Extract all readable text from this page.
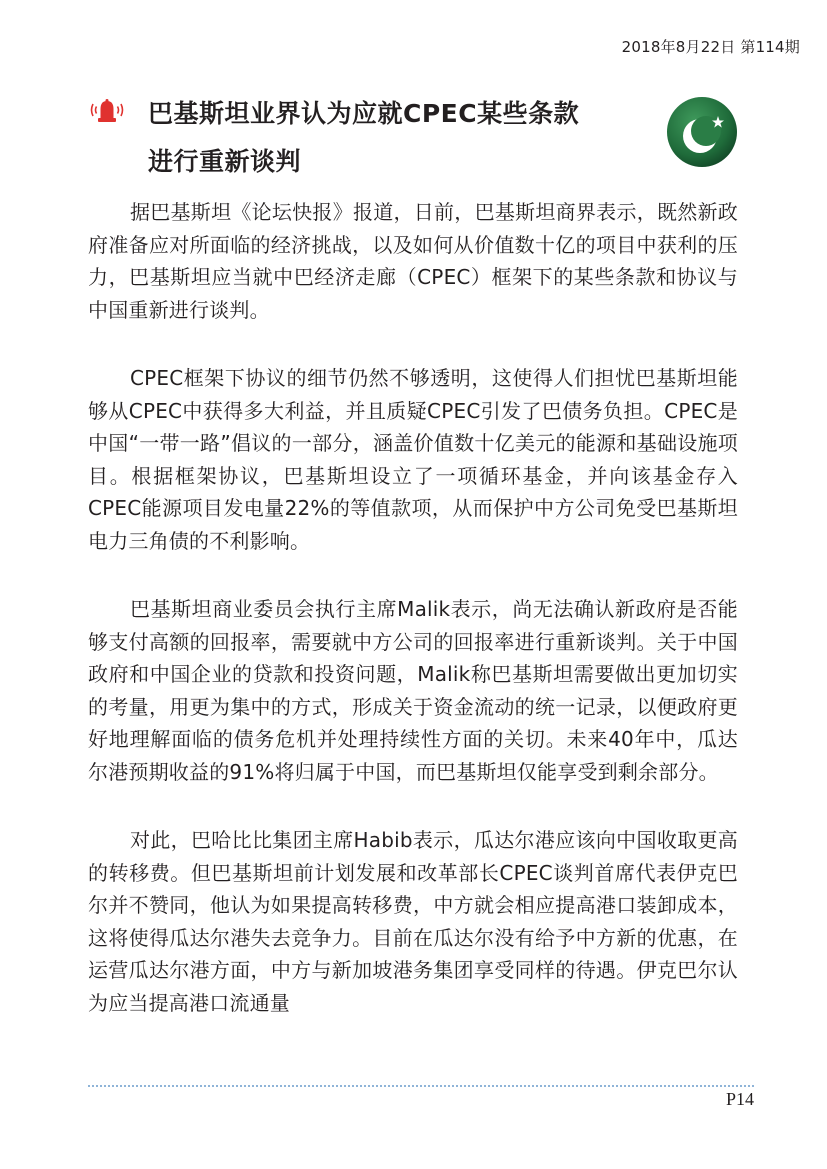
2018年8月22日 第114期
巴基斯坦业界认为应就CPEC某些条款
进行重新谈判

据巴基斯坦《论坛快报》报道，日前，巴基斯坦商界表示，既然新政府准备应对所面临的经济挑战，以及如何从价值数十亿的项目中获利的压力，巴基斯坦应当就中巴经济走廊（CPEC）框架下的某些条款和协议与中国重新进行谈判。

CPEC框架下协议的细节仍然不够透明，这使得人们担忧巴基斯坦能够从CPEC中获得多大利益，并且质疑CPEC引发了巴债务负担。CPEC是中国“一带一路”倡议的一部分，涵盖价值数十亿美元的能源和基础设施项目。根据框架协议，巴基斯坦设立了一项循环基金，并向该基金存入CPEC能源项目发电量22%的等值款项，从而保护中方公司免受巴基斯坦电力三角债的不利影响。

巴基斯坦商业委员会执行主席Malik表示，尚无法确认新政府是否能够支付高额的回报率，需要就中方公司的回报率进行重新谈判。关于中国政府和中国企业的贷款和投资问题，Malik称巴基斯坦需要做出更加切实的考量，用更为集中的方式，形成关于资金流动的统一记录，以便政府更好地理解面临的债务危机并处理持续性方面的关切。未来40年中，瓜达尔港预期收益的91%将归属于中国，而巴基斯坦仅能享受到剩余部分。

对此，巴哈比比集团主席Habib表示，瓜达尔港应该向中国收取更高的转移费。但巴基斯坦前计划发展和改革部长CPEC谈判首席代表伊克巴尔并不赞同，他认为如果提高转移费，中方就会相应提高港口装卸成本，这将使得瓜达尔港失去竞争力。目前在瓜达尔没有给予中方新的优惠，在运营瓜达尔港方面，中方与新加坡港务集团享受同样的待遇。伊克巴尔认为应当提高港口流通量

P14
